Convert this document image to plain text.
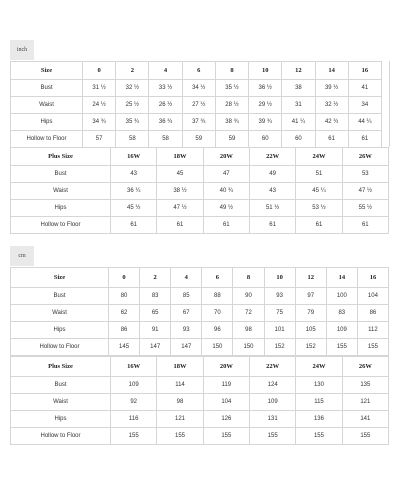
inch
Size	0	2	4	6	8	10	12	14	16
Bust	31 ½	32 ½	33 ½	34 ½	35 ½	36 ½	38	39 ½	41
Waist	24 ½	25 ½	26 ½	27 ½	28 ½	29 ½	31	32 ½	34
Hips	34 ¾	35 ¾	36 ¾	37 ¾	38 ¾	39 ¾	41 ¼	42 ¾	44 ¼
Hollow to Floor	57	58	58	59	59	60	60	61	61
Plus Size	16W	18W	20W	22W	24W	26W
Bust	43	45	47	49	51	53
Waist	36 ¼	38 ½	40 ¾	43	45 ¼	47 ½
Hips	45 ½	47 ½	49 ½	51 ½	53 ½	55 ½
Hollow to Floor	61	61	61	61	61	61
cm
Size	0	2	4	6	8	10	12	14	16
Bust	80	83	85	88	90	93	97	100	104
Waist	62	65	67	70	72	75	79	83	86
Hips	86	91	93	96	98	101	105	109	112
Hollow to Floor	145	147	147	150	150	152	152	155	155
Plus Size	16W	18W	20W	22W	24W	26W
Bust	109	114	119	124	130	135
Waist	92	98	104	109	115	121
Hips	116	121	126	131	136	141
Hollow to Floor	155	155	155	155	155	155
